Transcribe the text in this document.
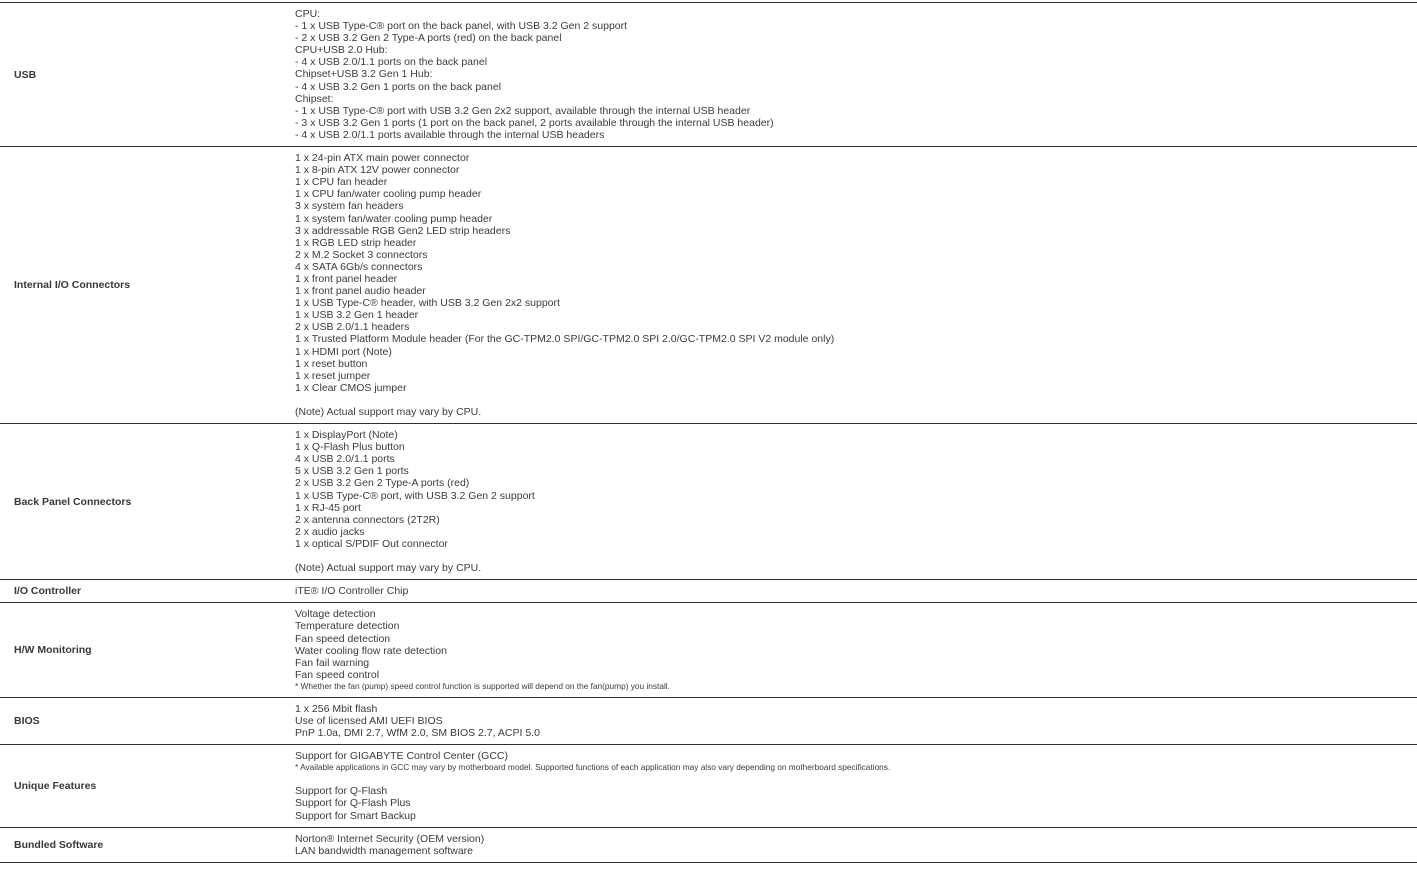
USB
CPU:
- 1 x USB Type-C® port on the back panel, with USB 3.2 Gen 2 support
- 2 x USB 3.2 Gen 2 Type-A ports (red) on the back panel
CPU+USB 2.0 Hub:
- 4 x USB 2.0/1.1 ports on the back panel
Chipset+USB 3.2 Gen 1 Hub:
- 4 x USB 3.2 Gen 1 ports on the back panel
Chipset:
- 1 x USB Type-C® port with USB 3.2 Gen 2x2 support, available through the internal USB header
- 3 x USB 3.2 Gen 1 ports (1 port on the back panel, 2 ports available through the internal USB header)
- 4 x USB 2.0/1.1 ports available through the internal USB headers
Internal I/O Connectors
1 x 24-pin ATX main power connector
1 x 8-pin ATX 12V power connector
1 x CPU fan header
1 x CPU fan/water cooling pump header
3 x system fan headers
1 x system fan/water cooling pump header
3 x addressable RGB Gen2 LED strip headers
1 x RGB LED strip header
2 x M.2 Socket 3 connectors
4 x SATA 6Gb/s connectors
1 x front panel header
1 x front panel audio header
1 x USB Type-C® header, with USB 3.2 Gen 2x2 support
1 x USB 3.2 Gen 1 header
2 x USB 2.0/1.1 headers
1 x Trusted Platform Module header (For the GC-TPM2.0 SPI/GC-TPM2.0 SPI 2.0/GC-TPM2.0 SPI V2 module only)
1 x HDMI port (Note)
1 x reset button
1 x reset jumper
1 x Clear CMOS jumper
(Note) Actual support may vary by CPU.
Back Panel Connectors
1 x DisplayPort (Note)
1 x Q-Flash Plus button
4 x USB 2.0/1.1 ports
5 x USB 3.2 Gen 1 ports
2 x USB 3.2 Gen 2 Type-A ports (red)
1 x USB Type-C® port, with USB 3.2 Gen 2 support
1 x RJ-45 port
2 x antenna connectors (2T2R)
2 x audio jacks
1 x optical S/PDIF Out connector
(Note) Actual support may vary by CPU.
I/O Controller	iTE® I/O Controller Chip
H/W Monitoring
Voltage detection
Temperature detection
Fan speed detection
Water cooling flow rate detection
Fan fail warning
Fan speed control
* Whether the fan (pump) speed control function is supported will depend on the fan(pump) you install.
BIOS
1 x 256 Mbit flash
Use of licensed AMI UEFI BIOS
PnP 1.0a, DMI 2.7, WfM 2.0, SM BIOS 2.7, ACPI 5.0
Unique Features
Support for GIGABYTE Control Center (GCC)
* Available applications in GCC may vary by motherboard model. Supported functions of each application may also vary depending on motherboard specifications.
Support for Q-Flash
Support for Q-Flash Plus
Support for Smart Backup
Bundled Software
Norton® Internet Security (OEM version)
LAN bandwidth management software
